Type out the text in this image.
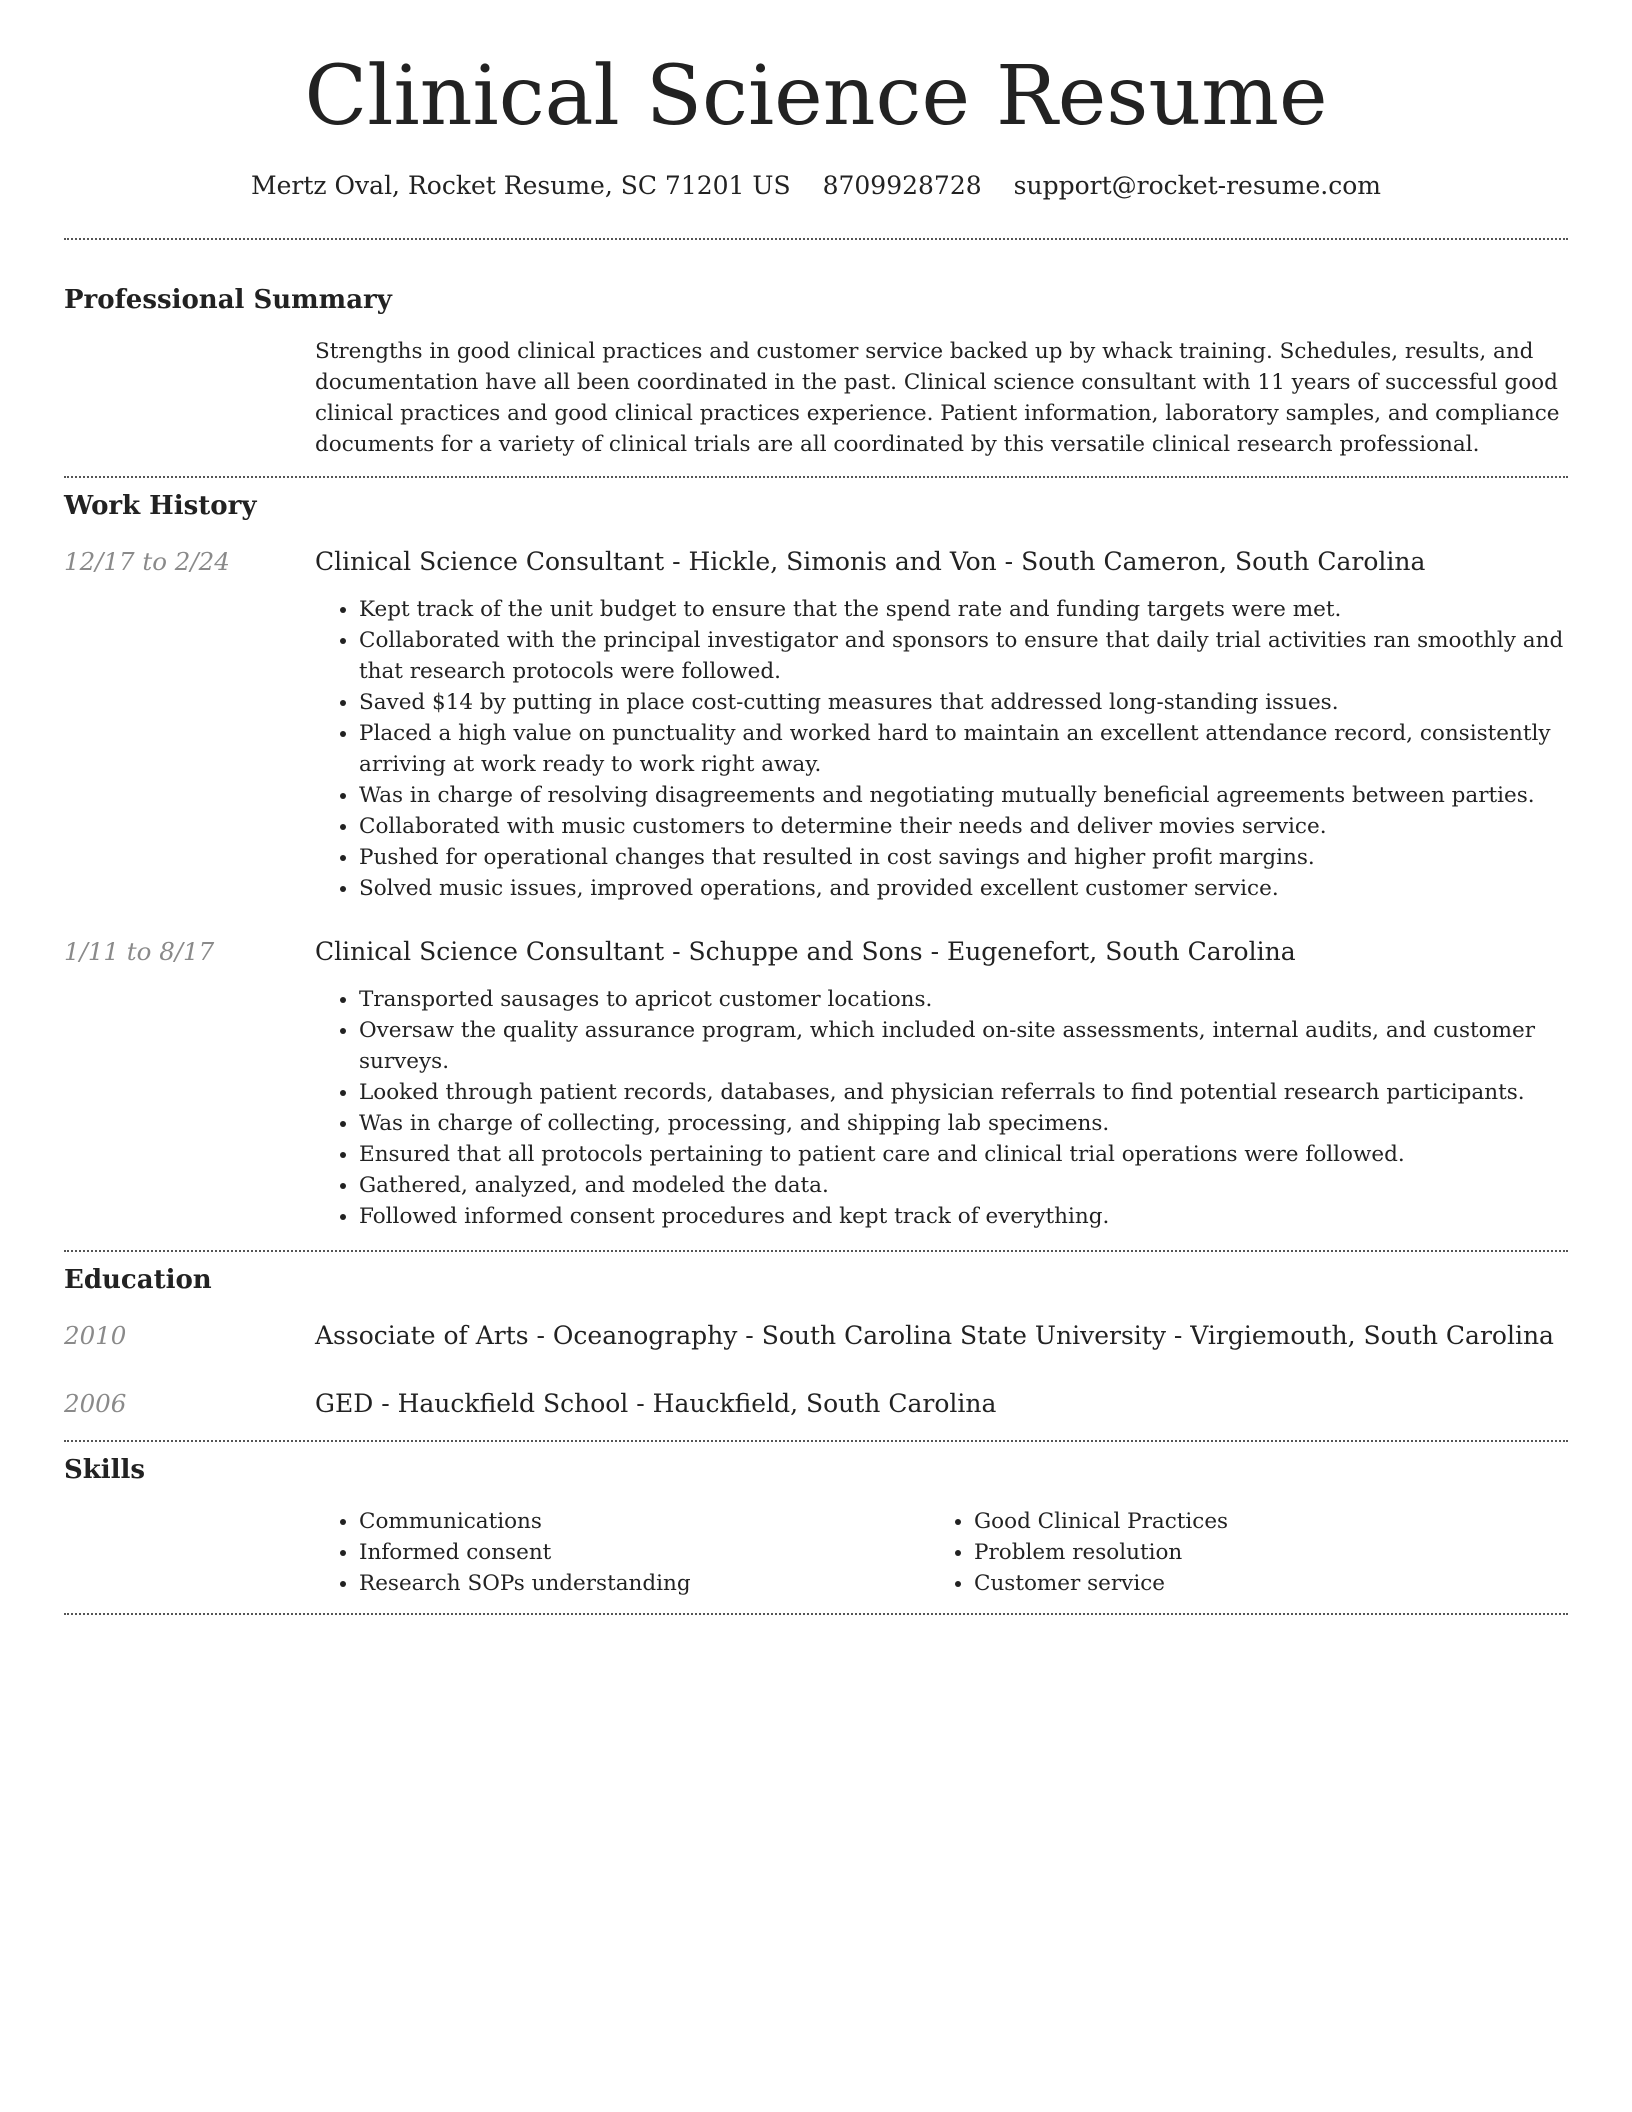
Clinical Science Resume
Mertz Oval, Rocket Resume, SC 71201 US 8709928728 support@rocket-resume.com
Professional Summary

Strengths in good clinical practices and customer service backed up by whack training. Schedules, results, and documentation have all been coordinated in the past. Clinical science consultant with 11 years of successful good clinical practices and good clinical practices experience. Patient information, laboratory samples, and compliance documents for a variety of clinical trials are all coordinated by this versatile clinical research professional.

Work History
12/17 to 2/24	Clinical Science Consultant - Hickle, Simonis and Von - South Cameron, South Carolina
• Kept track of the unit budget to ensure that the spend rate and funding targets were met.
• Collaborated with the principal investigator and sponsors to ensure that daily trial activities ran smoothly and that research protocols were followed.
• Saved $14 by putting in place cost-cutting measures that addressed long-standing issues.
• Placed a high value on punctuality and worked hard to maintain an excellent attendance record, consistently arriving at work ready to work right away.
• Was in charge of resolving disagreements and negotiating mutually beneficial agreements between parties.
• Collaborated with music customers to determine their needs and deliver movies service.
• Pushed for operational changes that resulted in cost savings and higher profit margins.
• Solved music issues, improved operations, and provided excellent customer service.
1/11 to 8/17	Clinical Science Consultant - Schuppe and Sons - Eugenefort, South Carolina
• Transported sausages to apricot customer locations.
• Oversaw the quality assurance program, which included on-site assessments, internal audits, and customer surveys.
• Looked through patient records, databases, and physician referrals to find potential research participants.
• Was in charge of collecting, processing, and shipping lab specimens.
• Ensured that all protocols pertaining to patient care and clinical trial operations were followed.
• Gathered, analyzed, and modeled the data.
• Followed informed consent procedures and kept track of everything.
Education
2010	Associate of Arts - Oceanography - South Carolina State University - Virgiemouth, South Carolina
2006	GED - Hauckfield School - Hauckfield, South Carolina
Skills
• Communications
• Informed consent
• Research SOPs understanding
• Good Clinical Practices
• Problem resolution
• Customer service
